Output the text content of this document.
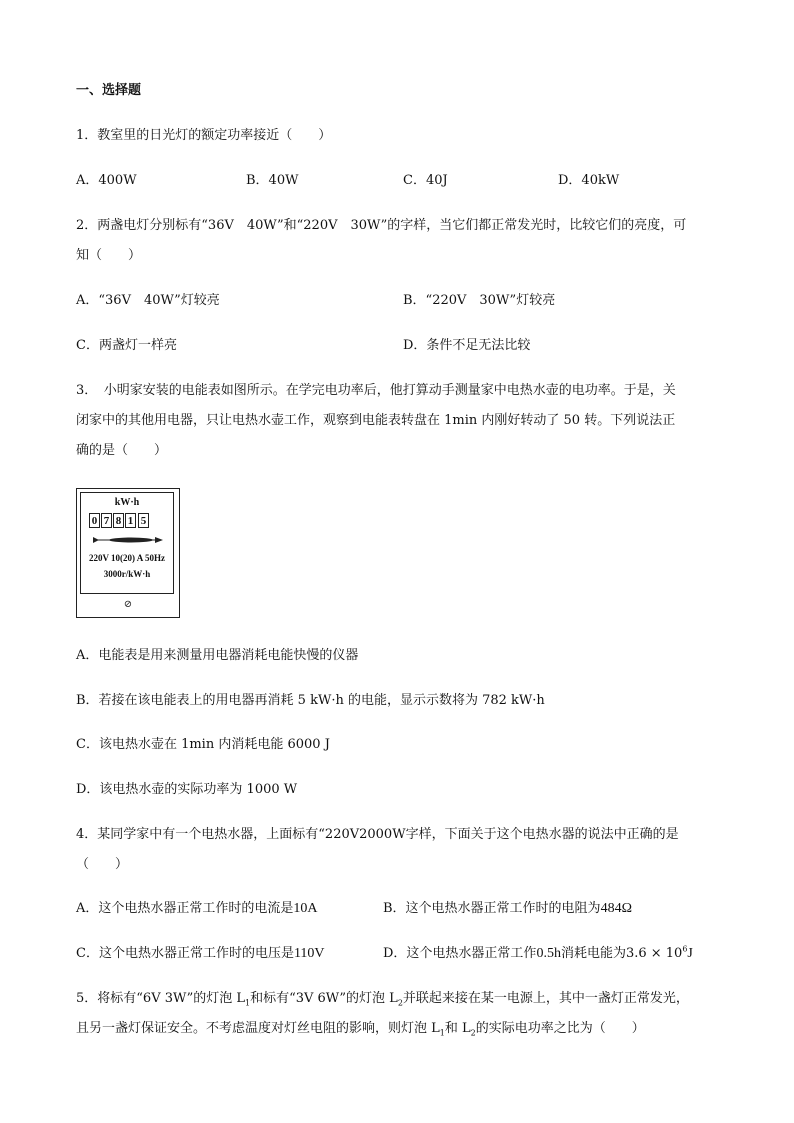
一、选择题
1．教室里的日光灯的额定功率接近（　　）
A．400W	B．40W	C．40J	D．40kW
2．两盏电灯分别标有“36V　40W”和“220V　30W”的字样，当它们都正常发光时，比较它们的亮度，可
知（　　）
A．“36V　40W”灯较亮	B．“220V　30W”灯较亮
C．两盏灯一样亮	D．条件不足无法比较
3．　小明家安装的电能表如图所示。在学完电功率后，他打算动手测量家中电热水壶的电功率。于是，关
闭家中的其他用电器，只让电热水壶工作，观察到电能表转盘在 1min 内刚好转动了 50 转。下列说法正
确的是（　　）
kW·h
0 7 8 1 5
220V 10(20) A 50Hz
3000r/kW·h
⊘
A．电能表是用来测量用电器消耗电能快慢的仪器
B．若接在该电能表上的用电器再消耗 5 kW·h 的电能，显示示数将为 782 kW·h
C．该电热水壶在 1min 内消耗电能 6000 J
D．该电热水壶的实际功率为 1000 W
4．某同学家中有一个电热水器，上面标有“220V2000W字样，下面关于这个电热水器的说法中正确的是
（　　）
A．这个电热水器正常工作时的电流是10A	B．这个电热水器正常工作时的电阻为484Ω
C．这个电热水器正常工作时的电压是110V	D．这个电热水器正常工作0.5h消耗电能为$3.6 \times 10^6J$
5．将标有“6V 3W”的灯泡 $L_1$和标有“3V 6W”的灯泡 $L_2$并联起来接在某一电源上，其中一盏灯正常发光，
且另一盏灯保证安全。不考虑温度对灯丝电阻的影响，则灯泡 $L_1$和 $L_2$的实际电功率之比为（　　）
